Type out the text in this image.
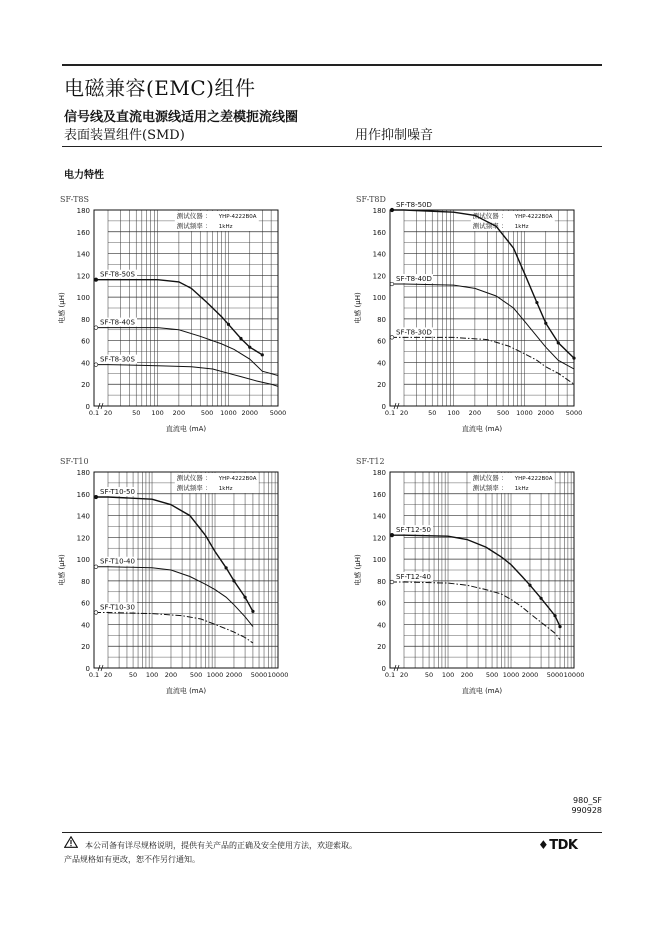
电磁兼容(EMC)组件
信号线及直流电源线适用之差模扼流线圈
表面装置组件(SMD)	用作抑制噪音
电力特性
SF-T8S
0
20
40
60
80
100
120
140
160
180
0.1 20	50 100 200 500 1000 2000 5000
直流电 (mA)
电感 (μH)
测试仪器 ： YHP-4222B0A
测试频率 ： 1kHz
SF-T8-50S
SF-T8-40S
SF-T8-30S
SF-T8D
0
20
40
60
80
100
120
140
160
180
0.1 20	50 100 200 500 1000 2000 5000
直流电 (mA)
电感 (μH)
测试仪器 ： YHP-4222B0A
测试频率 ： 1kHz
SF-T8-50D
SF-T8-40D
SF-T8-30D
SF-T10
0
20
40
60
80
100
120
140
160
180
0.1 20	50 100 200 500 1000 2000 5000 10000
直流电 (mA)
电感 (μH)
测试仪器 ： YHP-4222B0A
测试频率 ： 1kHz
SF-T10-50
SF-T10-40
SF-T10-30
SF-T12
0
20
40
60
80
100
120
140
160
180
0.1 20	50 100 200 500 1000 2000 5000 10000
直流电 (mA)
电感 (μH)
测试仪器 ： YHP-4222B0A
测试频率 ： 1kHz
SF-T12-50
SF-T12-40
980_SF
990928
本公司备有详尽规格说明，提供有关产品的正确及安全使用方法，欢迎索取。
产品规格如有更改，恕不作另行通知。
♦TDK
